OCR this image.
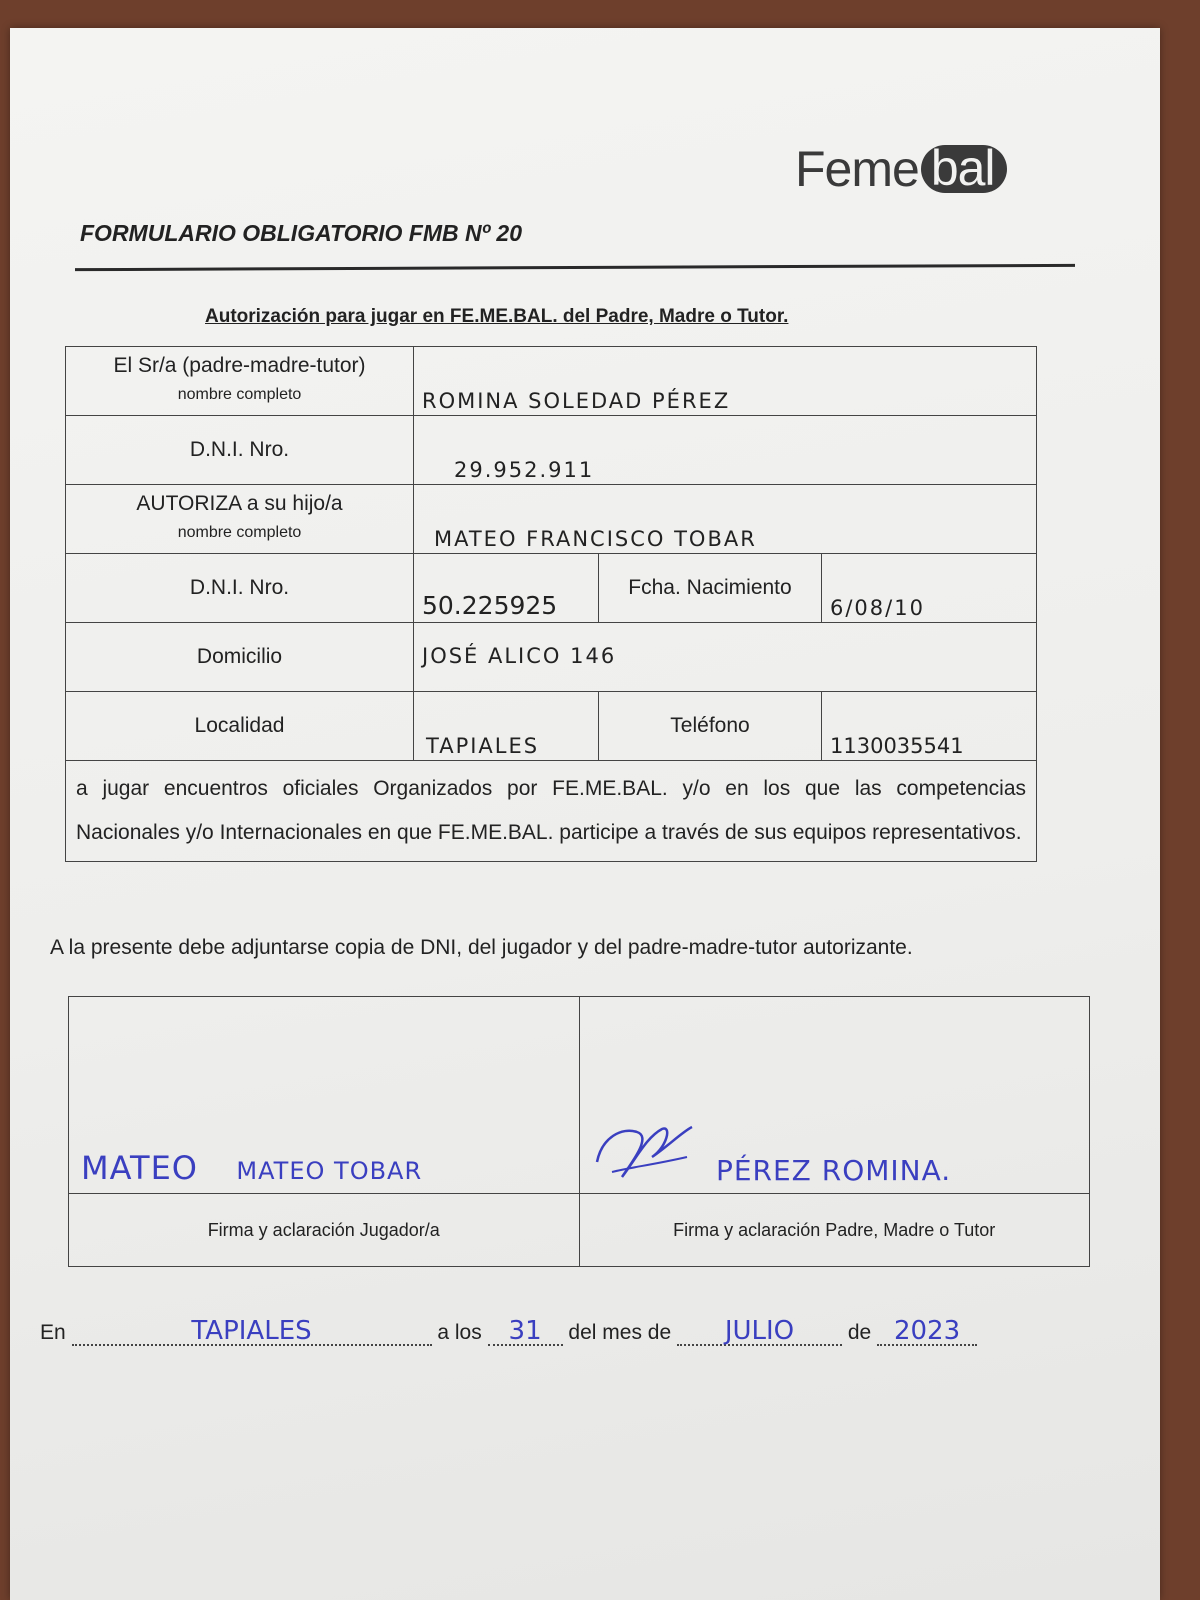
Feme bal
FORMULARIO OBLIGATORIO FMB Nº 20
Autorización para jugar en FE.ME.BAL. del Padre, Madre o Tutor.
El Sr/a (padre-madre-tutor)
nombre completo	ROMINA SOLEDAD PÉREZ		
D.N.I. Nro.	29.952.911		

AUTORIZA a su hijo/a
nombre completo	MATEO FRANCISCO TOBAR		
D.N.I. Nro.	50.225925	Fcha. Nacimiento	6/08/10
Domicilio	JOSÉ ALICO 146		
Localidad	TAPIALES	Teléfono	1130035541
a jugar encuentros oficiales Organizados por FE.ME.BAL. y/o en los que las competencias Nacionales y/o Internacionales en que FE.ME.BAL. participe a través de sus equipos representativos.			
A la presente debe adjuntarse copia de DNI, del jugador y del padre-madre-tutor autorizante.
MATEO MATEO TOBAR	PÉREZ ROMINA.
Firma y aclaración Jugador/a	Firma y aclaración Padre, Madre o Tutor
En	TAPIALES	a los 31 del mes de JULIO	de 2023
